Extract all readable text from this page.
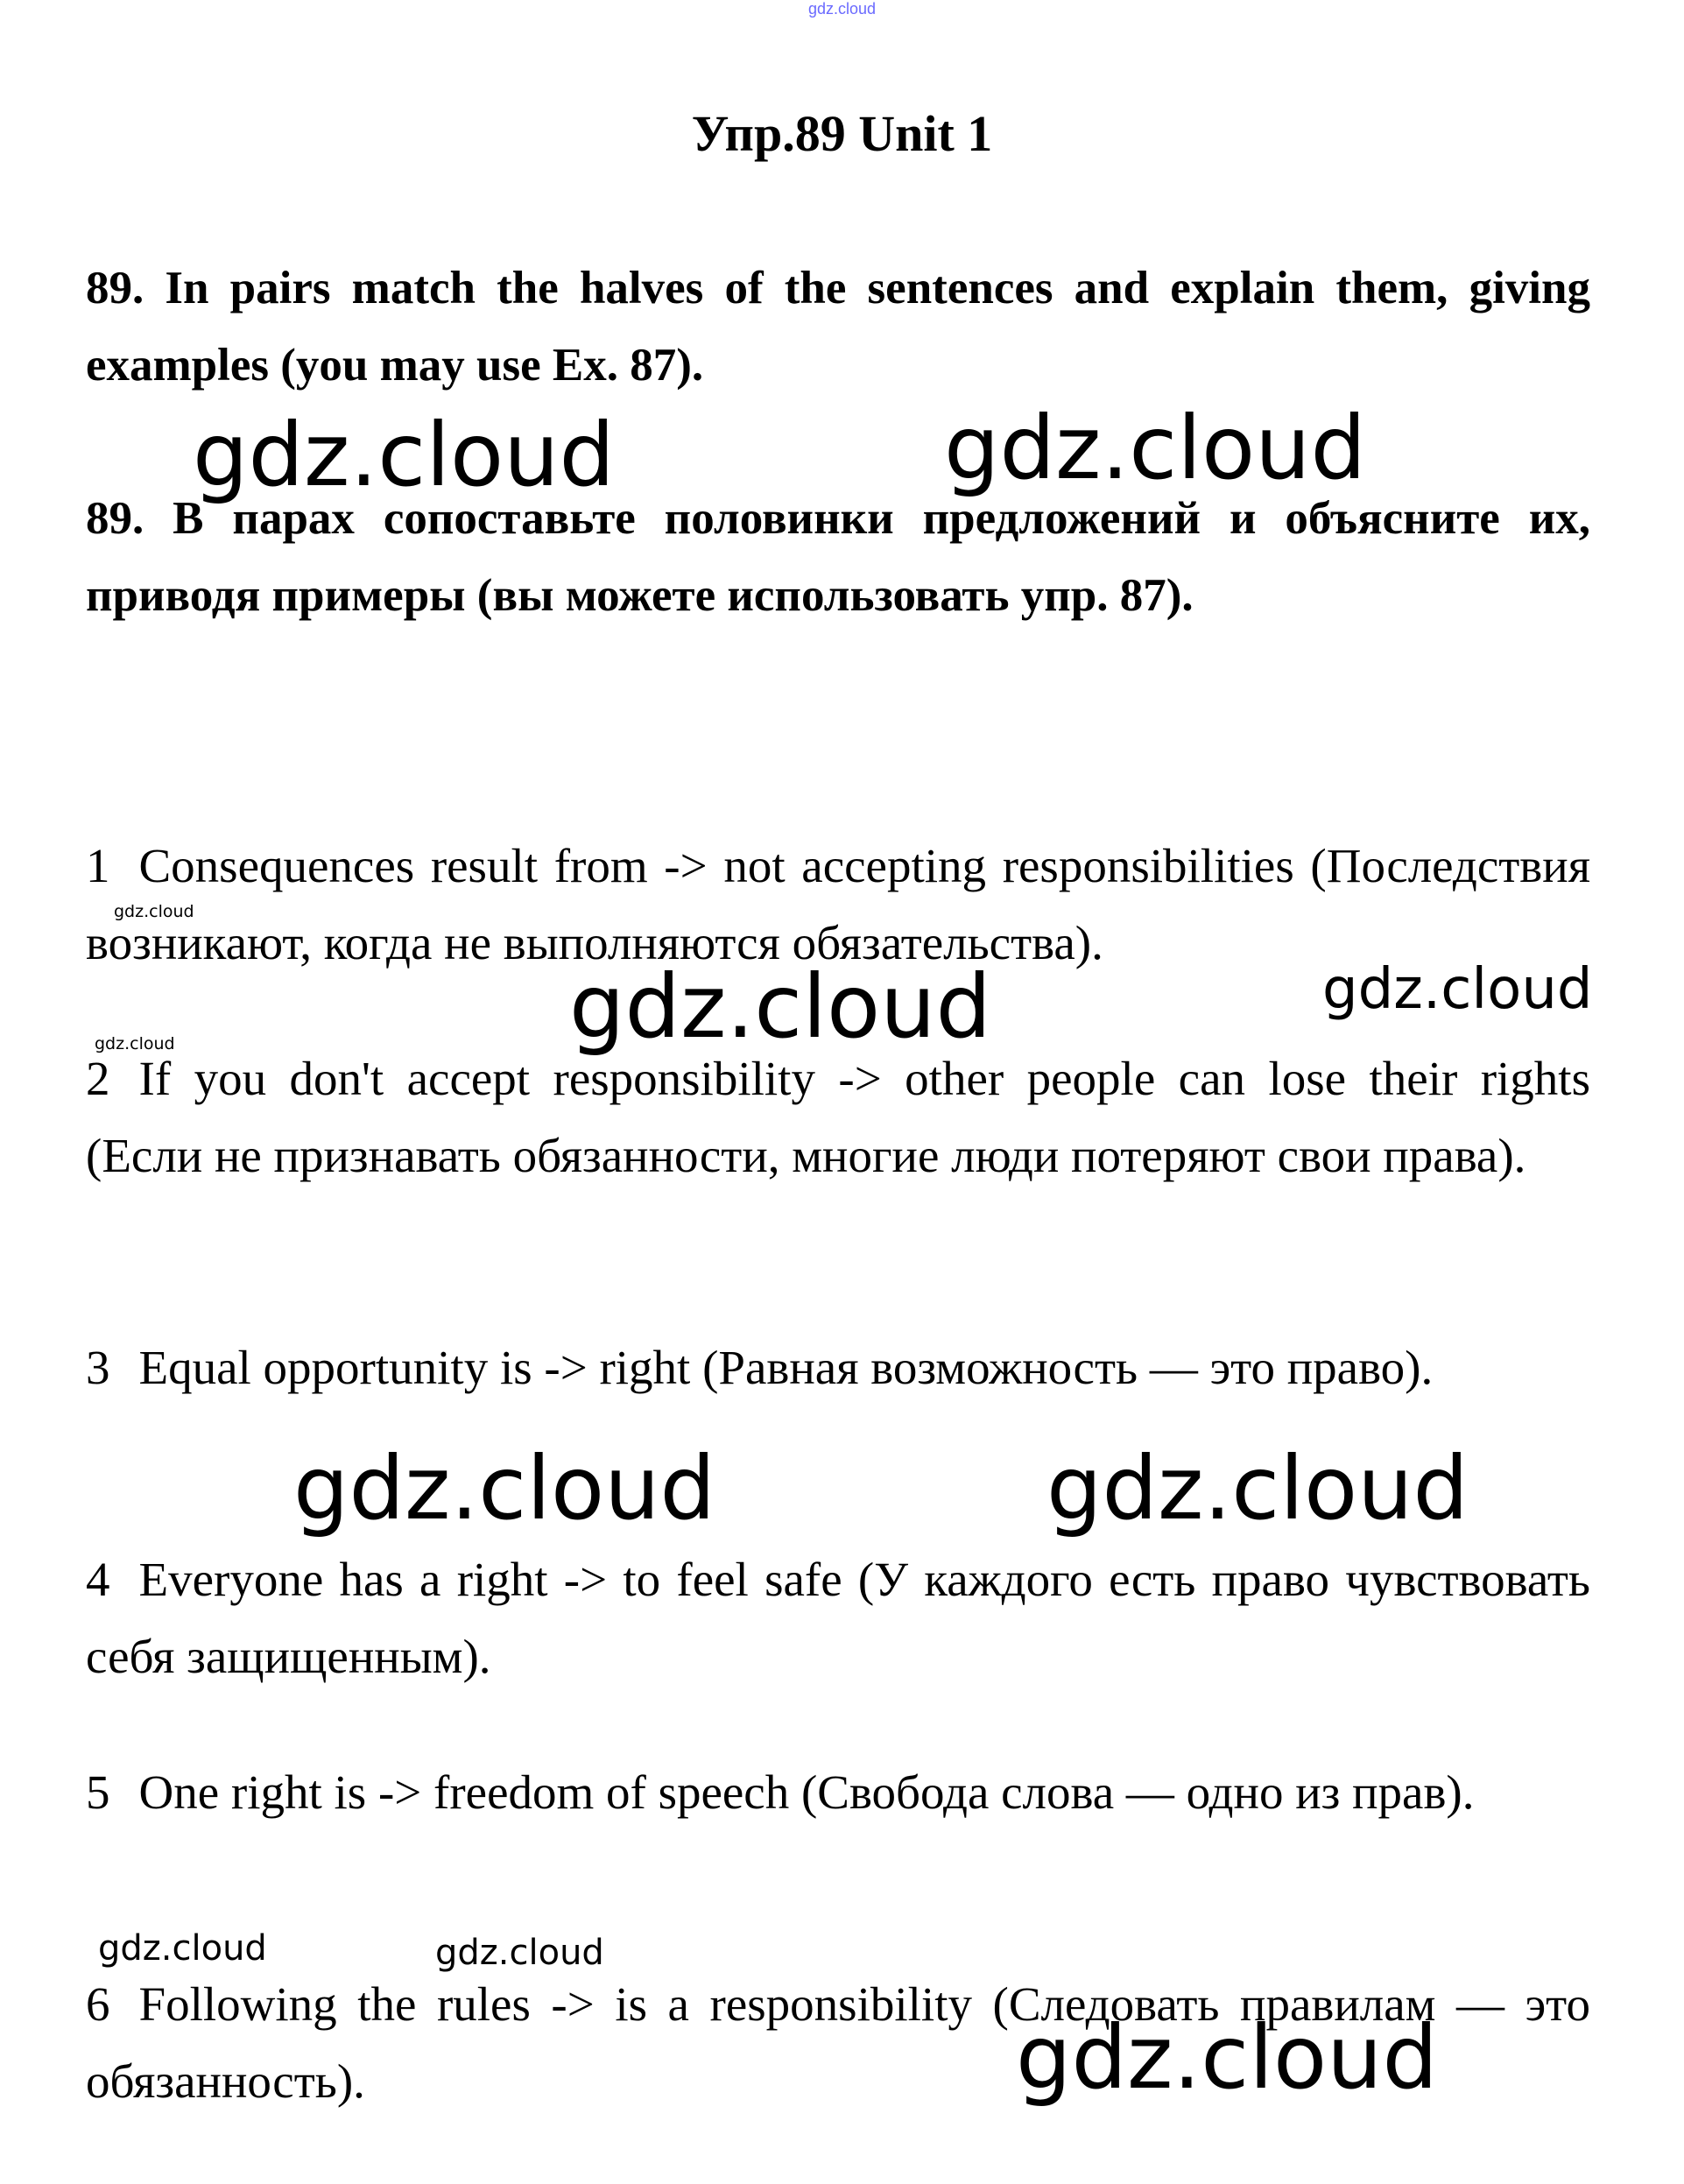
gdz.cloud
Упр.89 Unit 1
89. In pairs match the halves of the sentences and explain them, giving examples (you may use Ex. 87).
89. В парах сопоставьте половинки предложений и объясните их, приводя примеры (вы можете использовать упр. 87).
1 Consequences result from -> not accepting responsibilities (Последствия возникают, когда не выполняются обязательства).
2 If you don't accept responsibility -> other people can lose their rights (Если не признавать обязанности, многие люди потеряют свои права).
3 Equal opportunity is -> right (Равная возможность — это право).
4 Everyone has a right -> to feel safe (У каждого есть право чувствовать себя защищенным).
5 One right is -> freedom of speech (Свобода слова — одно из прав).
6 Following the rules -> is a responsibility (Следовать правилам — это обязанность).
gdz.cloud	gdz.cloud
gdz.cloud
gdz.cloud	gdz.cloud
gdz.cloud
gdz.cloud	gdz.cloud
gdz.cloud	gdz.cloud
gdz.cloud
